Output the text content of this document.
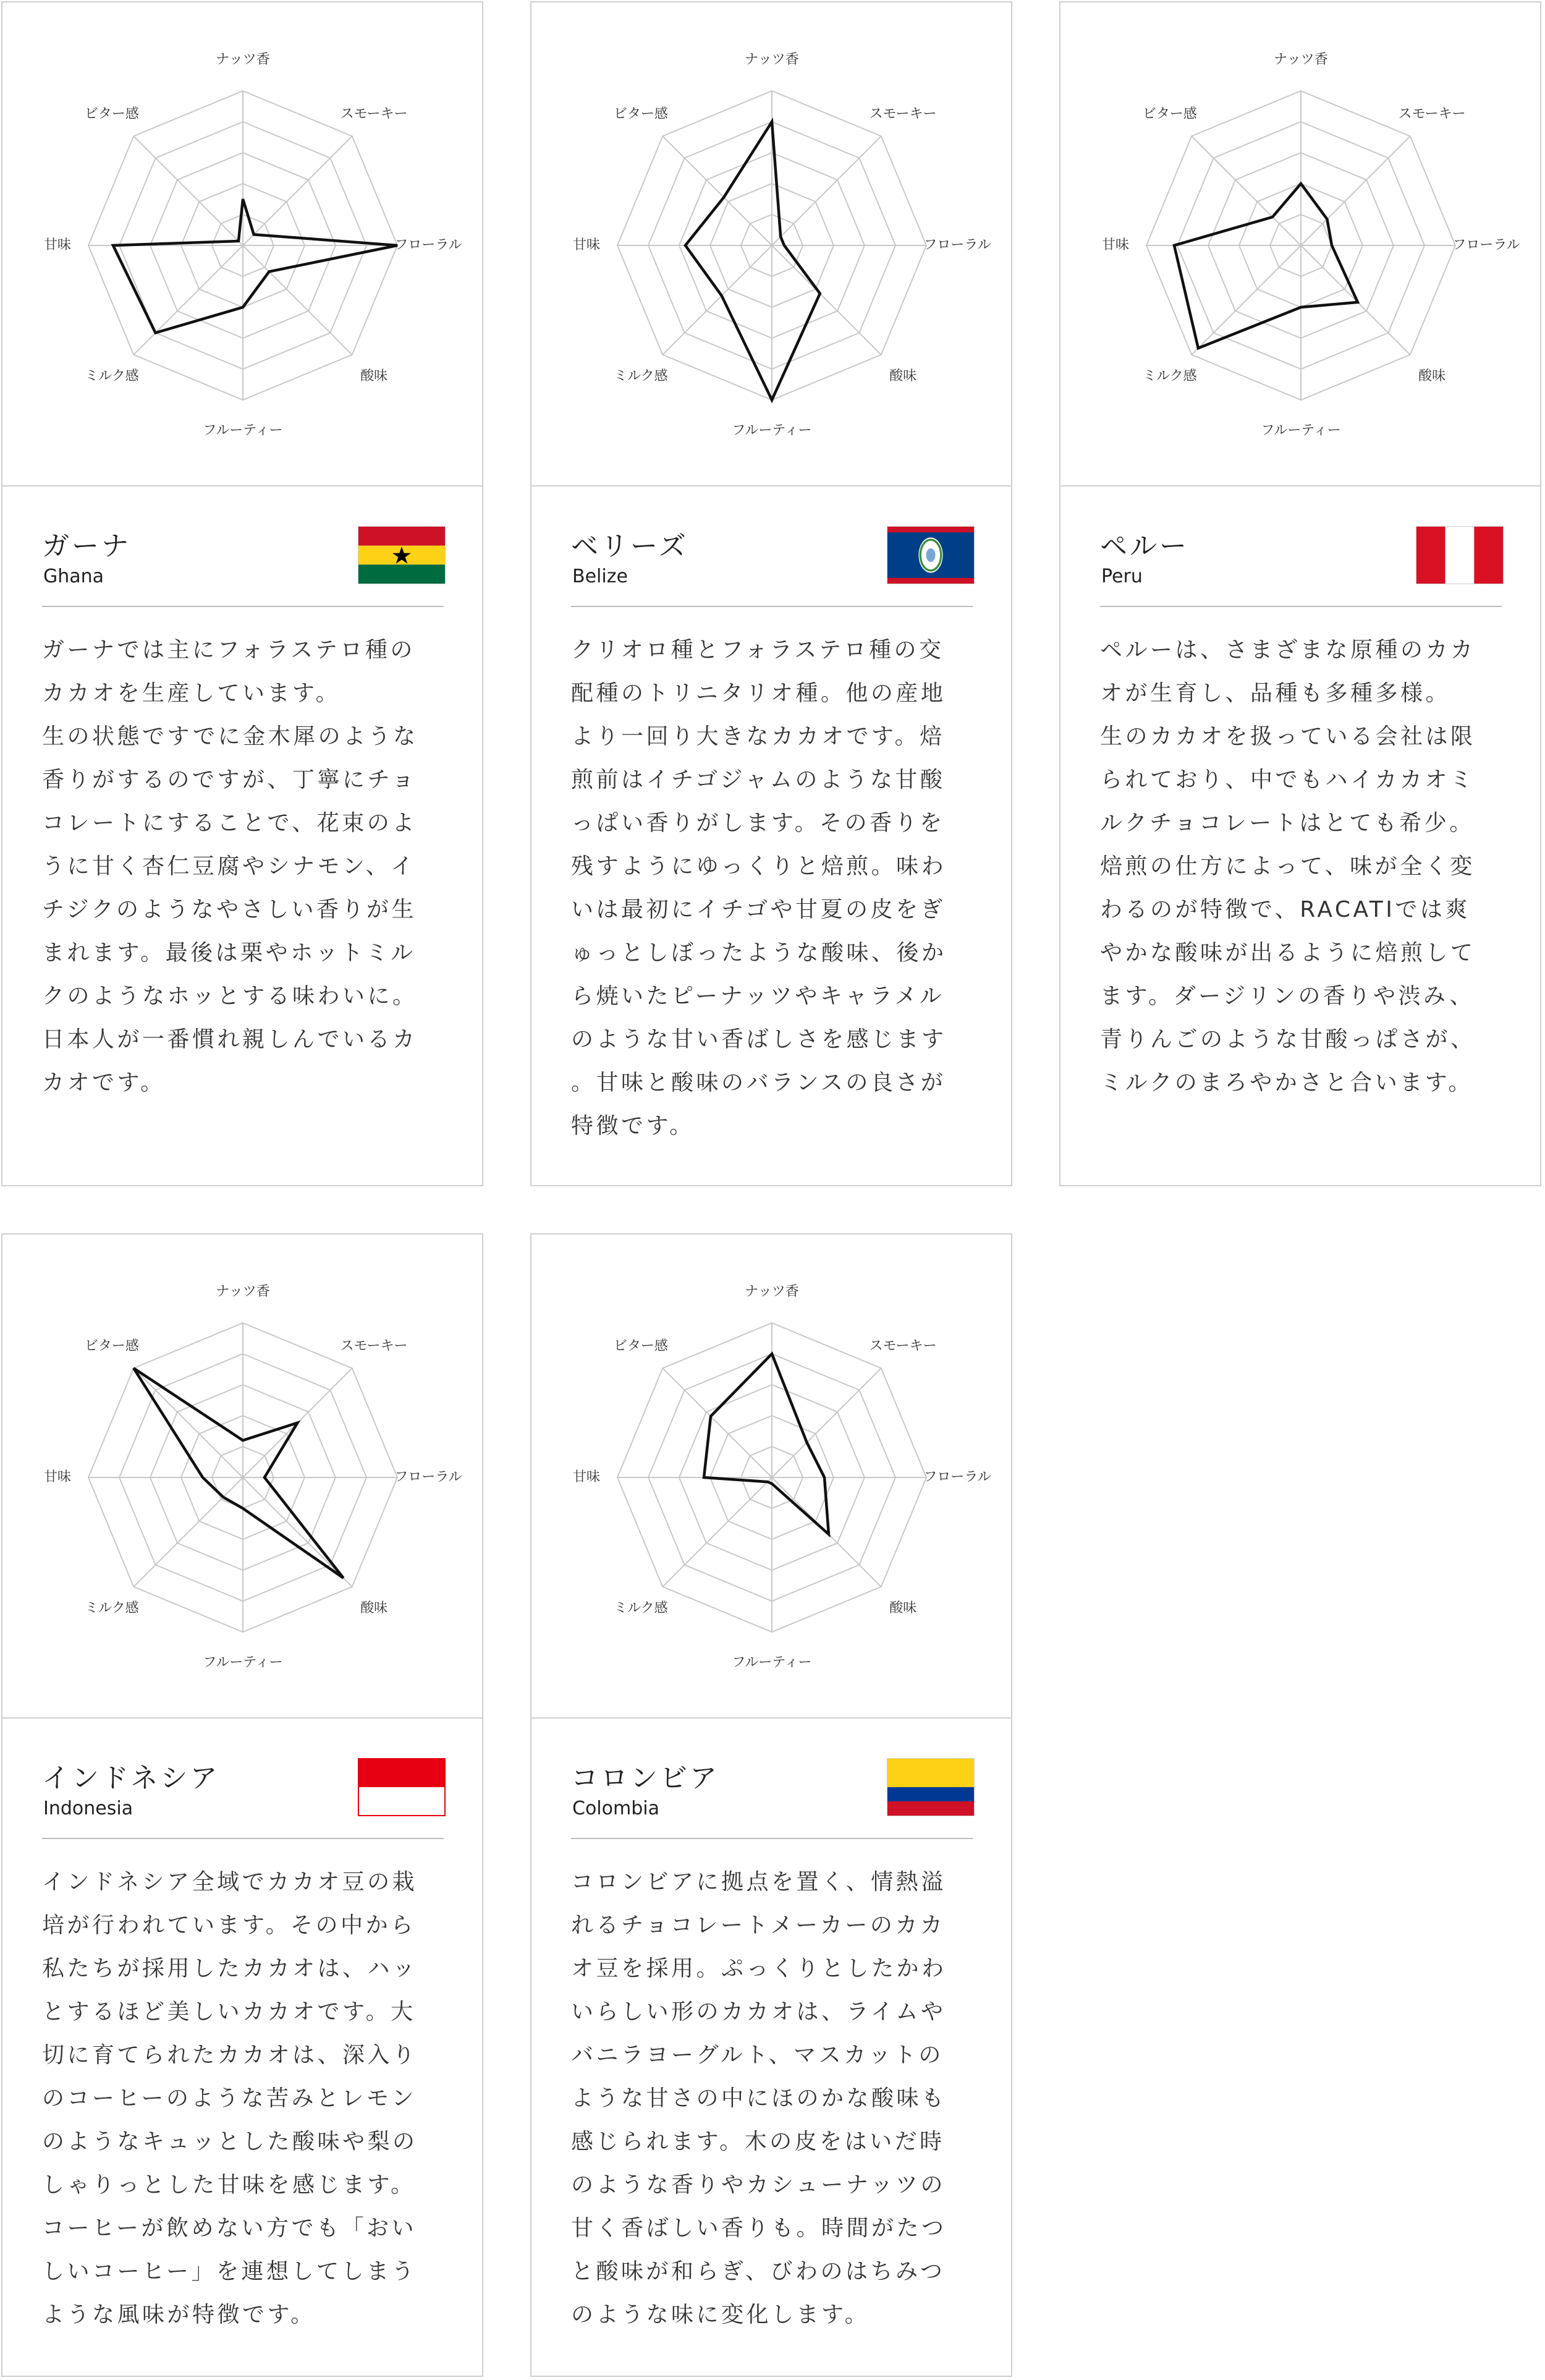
ナッツ香
スモーキー
フローラル
酸味
フルーティー
ミルク感
甘味
ビター感
ガーナ
Ghana
ガーナでは主にフォラステロ種の
カカオを生産しています。
生の状態ですでに金木犀のような
香りがするのですが、丁寧にチョ
コレートにすることで、花束のよ
うに甘く杏仁豆腐やシナモン、イ
チジクのようなやさしい香りが生
まれます。最後は栗やホットミル
クのようなホッとする味わいに。
日本人が一番慣れ親しんでいるカ
カオです。
ナッツ香
スモーキー
フローラル
酸味
フルーティー
ミルク感
甘味
ビター感
ベリーズ
Belize
クリオロ種とフォラステロ種の交
配種のトリニタリオ種。他の産地
より一回り大きなカカオです。焙
煎前はイチゴジャムのような甘酸
っぱい香りがします。その香りを
残すようにゆっくりと焙煎。味わ
いは最初にイチゴや甘夏の皮をぎ
ゅっとしぼったような酸味、後か
ら焼いたピーナッツやキャラメル
のような甘い香ばしさを感じます
。甘味と酸味のバランスの良さが
特徴です。
ナッツ香
スモーキー
フローラル
酸味
フルーティー
ミルク感
甘味
ビター感
ペルー
Peru
ペルーは、さまざまな原種のカカ
オが生育し、品種も多種多様。
生のカカオを扱っている会社は限
られており、中でもハイカカオミ
ルクチョコレートはとても希少。
焙煎の仕方によって、味が全く変
わるのが特徴で、RACATIでは爽
やかな酸味が出るように焙煎して
ます。ダージリンの香りや渋み、
青りんごのような甘酸っぱさが、
ミルクのまろやかさと合います。
ナッツ香
スモーキー
フローラル
酸味
フルーティー
ミルク感
甘味
ビター感
インドネシア
Indonesia
インドネシア全域でカカオ豆の栽
培が行われています。その中から
私たちが採用したカカオは、ハッ
とするほど美しいカカオです。大
切に育てられたカカオは、深入り
のコーヒーのような苦みとレモン
のようなキュッとした酸味や梨の
しゃりっとした甘味を感じます。
コーヒーが飲めない方でも「おい
しいコーヒー」を連想してしまう
ような風味が特徴です。
ナッツ香
スモーキー
フローラル
酸味
フルーティー
ミルク感
甘味
ビター感
コロンビア
Colombia
コロンビアに拠点を置く、情熱溢
れるチョコレートメーカーのカカ
オ豆を採用。ぷっくりとしたかわ
いらしい形のカカオは、ライムや
バニラヨーグルト、マスカットの
ような甘さの中にほのかな酸味も
感じられます。木の皮をはいだ時
のような香りやカシューナッツの
甘く香ばしい香りも。時間がたつ
と酸味が和らぎ、びわのはちみつ
のような味に変化します。
